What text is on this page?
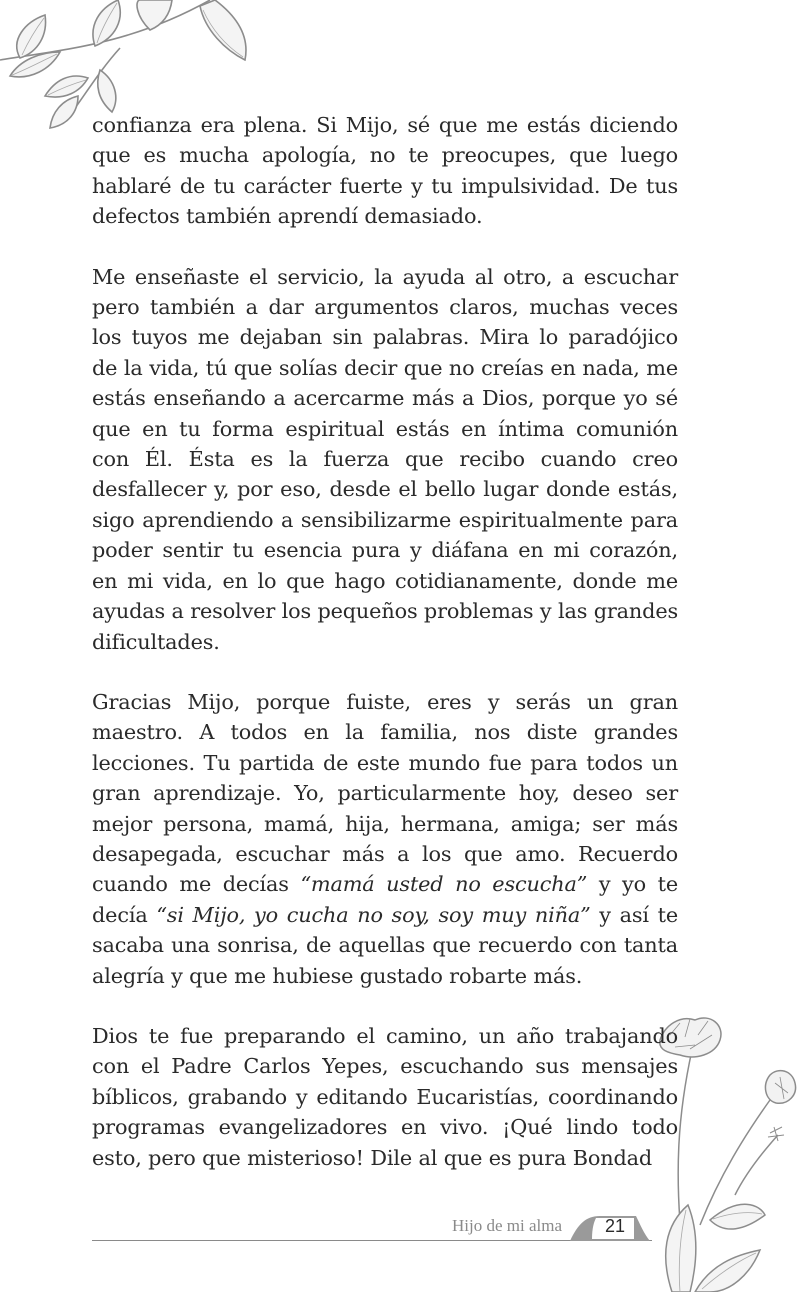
confianza era plena. Si Mijo, sé que me estás diciendo que es mucha apología, no te preocupes, que luego hablaré de tu carácter fuerte y tu impulsividad. De tus defectos también aprendí demasiado.

Me enseñaste el servicio, la ayuda al otro, a escuchar pero también a dar argumentos claros, muchas veces los tuyos me dejaban sin palabras. Mira lo paradójico de la vida, tú que solías decir que no creías en nada, me estás enseñando a acercarme más a Dios, porque yo sé que en tu forma espiritual estás en íntima comunión con Él. Ésta es la fuerza que recibo cuando creo desfallecer y, por eso, desde el bello lugar donde estás, sigo aprendiendo a sensibilizarme espiritualmente para poder sentir tu esencia pura y diáfana en mi corazón, en mi vida, en lo que hago cotidianamente, donde me ayudas a resolver los pequeños problemas y las grandes dificultades.

Gracias Mijo, porque fuiste, eres y serás un gran maestro. A todos en la familia, nos diste grandes lecciones. Tu partida de este mundo fue para todos un gran aprendizaje. Yo, particularmente hoy, deseo ser mejor persona, mamá, hija, hermana, amiga; ser más desapegada, escuchar más a los que amo. Recuerdo cuando me decías “mamá usted no escucha” y yo te decía “si Mijo, yo cucha no soy, soy muy niña” y así te sacaba una sonrisa, de aquellas que recuerdo con tanta alegría y que me hubiese gustado robarte más.

Dios te fue preparando el camino, un año trabajando con el Padre Carlos Yepes, escuchando sus mensajes bíblicos, grabando y editando Eucaristías, coordinando programas evangelizadores en vivo. ¡Qué lindo todo esto, pero que misterioso! Dile al que es pura Bondad

Hijo de mi alma	21
